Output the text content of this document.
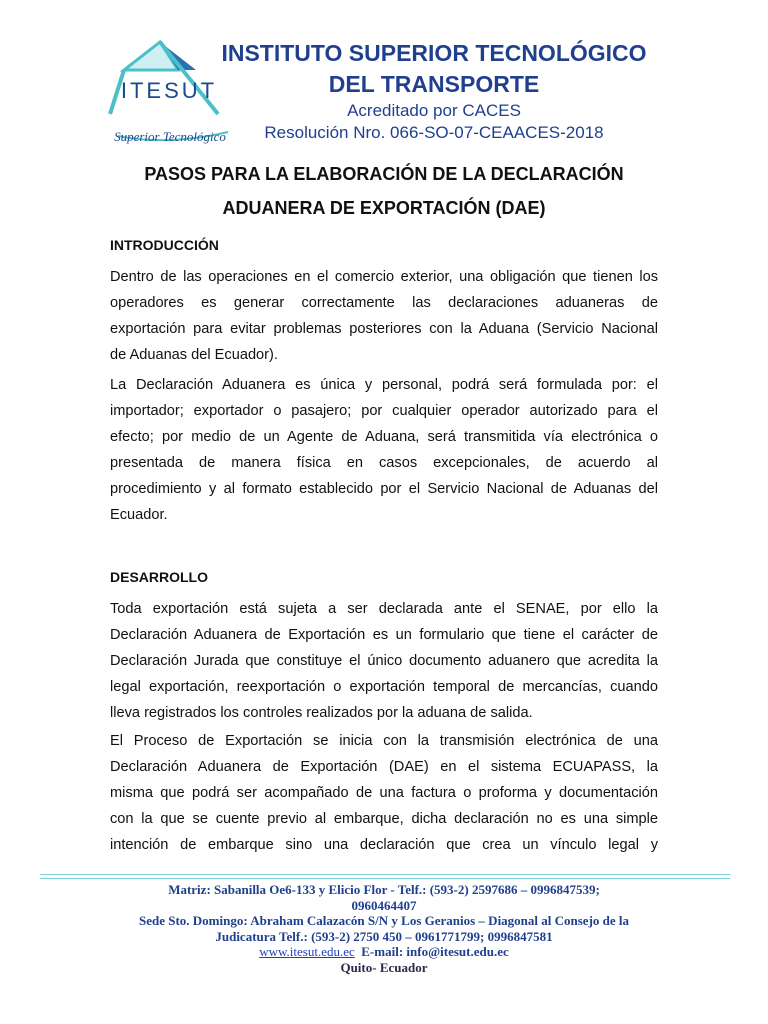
ITESUT
Superior Tecnológico

INSTITUTO SUPERIOR TECNOLÓGICO

DEL TRANSPORTE

Acreditado por CACES

Resolución Nro. 066-SO-07-CEAACES-2018

PASOS PARA LA ELABORACIÓN DE LA DECLARACIÓN

ADUANERA DE EXPORTACIÓN (DAE)

INTRODUCCIÓN

Dentro de las operaciones en el comercio exterior, una obligación que tienen los
operadores es generar correctamente las declaraciones aduaneras de
exportación para evitar problemas posteriores con la Aduana (Servicio Nacional
de Aduanas del Ecuador).
La Declaración Aduanera es única y personal, podrá será formulada por: el
importador; exportador o pasajero; por cualquier operador autorizado para el
efecto; por medio de un Agente de Aduana, será transmitida vía electrónica o
presentada de manera física en casos excepcionales, de acuerdo al
procedimiento y al formato establecido por el Servicio Nacional de Aduanas del
Ecuador.

DESARROLLO

Toda exportación está sujeta a ser declarada ante el SENAE, por ello la
Declaración Aduanera de Exportación es un formulario que tiene el carácter de
Declaración Jurada que constituye el único documento aduanero que acredita la
legal exportación, reexportación o exportación temporal de mercancías, cuando
lleva registrados los controles realizados por la aduana de salida.
El Proceso de Exportación se inicia con la transmisión electrónica de una
Declaración Aduanera de Exportación (DAE) en el sistema ECUAPASS, la
misma que podrá ser acompañado de una factura o proforma y documentación
con la que se cuente previo al embarque, dicha declaración no es una simple
intención de embarque sino una declaración que crea un vínculo legal y
Matriz: Sabanilla Oe6-133 y Elicio Flor - Telf.: (593-2) 2597686 – 0996847539;
0960464407
Sede Sto. Domingo: Abraham Calazacón S/N y Los Geranios – Diagonal al Consejo de la
Judicatura Telf.: (593-2) 2750 450 – 0961771799; 0996847581
www.itesut.edu.ec E-mail: info@itesut.edu.ec
Quito- Ecuador
